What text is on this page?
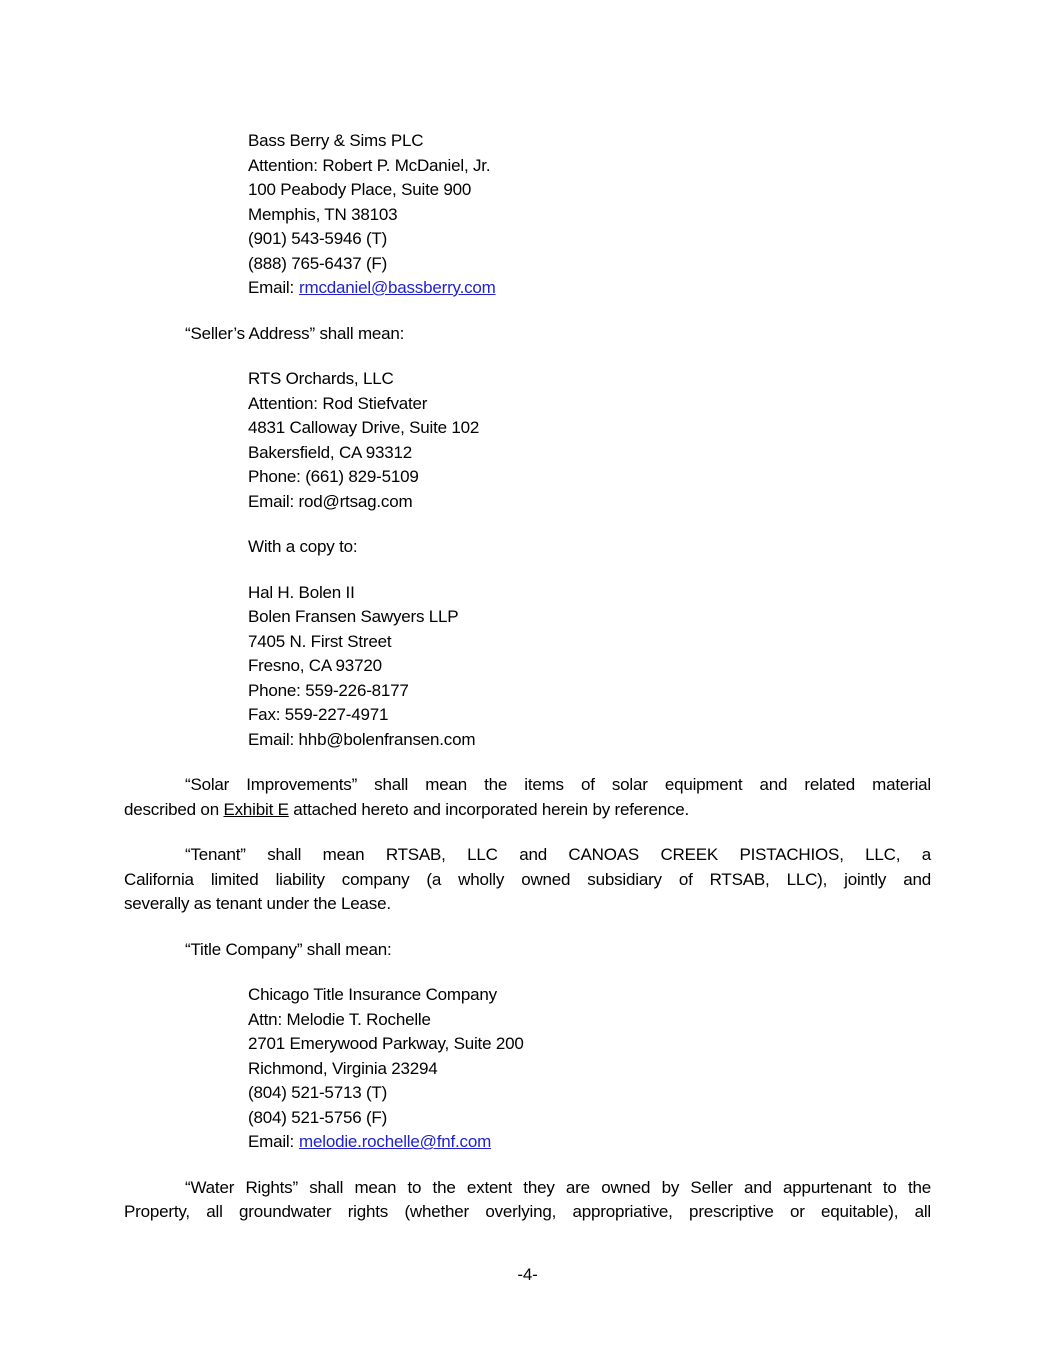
Bass Berry & Sims PLC
Attention: Robert P. McDaniel, Jr.
100 Peabody Place, Suite 900
Memphis, TN 38103
(901) 543-5946 (T)
(888) 765-6437 (F)
Email: rmcdaniel@bassberry.com
“Seller’s Address” shall mean:
RTS Orchards, LLC
Attention: Rod Stiefvater
4831 Calloway Drive, Suite 102
Bakersfield, CA 93312
Phone: (661) 829-5109
Email: rod@rtsag.com
With a copy to:
Hal H. Bolen II
Bolen Fransen Sawyers LLP
7405 N. First Street
Fresno, CA 93720
Phone: 559-226-8177
Fax: 559-227-4971
Email: hhb@bolenfransen.com
“Solar Improvements” shall mean the items of solar equipment and related material
described on Exhibit E attached hereto and incorporated herein by reference.
“Tenant” shall mean RTSAB, LLC and CANOAS CREEK PISTACHIOS, LLC, a
California limited liability company (a wholly owned subsidiary of RTSAB, LLC), jointly and
severally as tenant under the Lease.
“Title Company” shall mean:
Chicago Title Insurance Company
Attn: Melodie T. Rochelle
2701 Emerywood Parkway, Suite 200
Richmond, Virginia 23294
(804) 521-5713 (T)
(804) 521-5756 (F)
Email: melodie.rochelle@fnf.com
“Water Rights” shall mean to the extent they are owned by Seller and appurtenant to the
Property, all groundwater rights (whether overlying, appropriative, prescriptive or equitable), all
-4-
